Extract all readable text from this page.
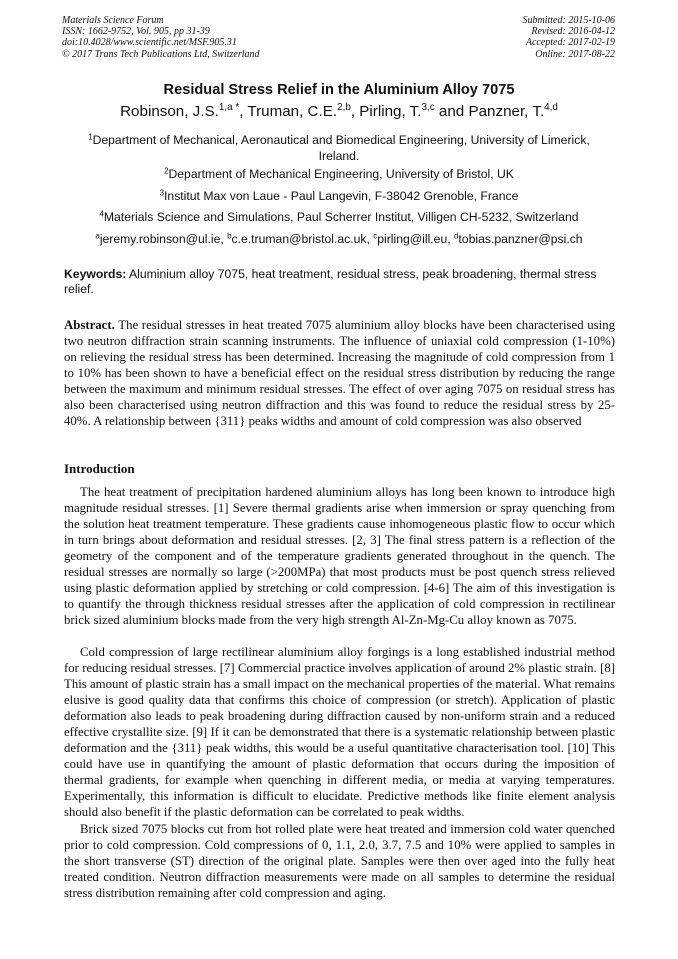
Materials Science Forum
ISSN: 1662-9752, Vol. 905, pp 31-39
doi:10.4028/www.scientific.net/MSF.905.31
© 2017 Trans Tech Publications Ltd, Switzerland
Submitted: 2015-10-06
Revised: 2016-04-12
Accepted: 2017-02-19
Online: 2017-08-22
Residual Stress Relief in the Aluminium Alloy 7075
Robinson, J.S.$^{1,a *}$, Truman, C.E.$^{2,b}$, Pirling, T.$^{3,c}$ and Panzner, T.$^{4,d}$
$^1$Department of Mechanical, Aeronautical and Biomedical Engineering, University of Limerick, Ireland.
$^2$Department of Mechanical Engineering, University of Bristol, UK
$^3$Institut Max von Laue - Paul Langevin, F-38042 Grenoble, France
$^4$Materials Science and Simulations, Paul Scherrer Institut, Villigen CH-5232, Switzerland
$^a$jeremy.robinson@ul.ie, $^b$c.e.truman@bristol.ac.uk, $^c$pirling@ill.eu, $^d$tobias.panzner@psi.ch
Keywords: Aluminium alloy 7075, heat treatment, residual stress, peak broadening, thermal stress relief.

Abstract. The residual stresses in heat treated 7075 aluminium alloy blocks have been characterised using two neutron diffraction strain scanning instruments. The influence of uniaxial cold compression (1-10%) on relieving the residual stress has been determined. Increasing the magnitude of cold compression from 1 to 10% has been shown to have a beneficial effect on the residual stress distribution by reducing the range between the maximum and minimum residual stresses. The effect of over aging 7075 on residual stress has also been characterised using neutron diffraction and this was found to reduce the residual stress by 25-40%. A relationship between {311} peaks widths and amount of cold compression was also observed

Introduction

The heat treatment of precipitation hardened aluminium alloys has long been known to introduce high magnitude residual stresses. [1] Severe thermal gradients arise when immersion or spray quenching from the solution heat treatment temperature. These gradients cause inhomogeneous plastic flow to occur which in turn brings about deformation and residual stresses. [2, 3] The final stress pattern is a reflection of the geometry of the component and of the temperature gradients generated throughout in the quench. The residual stresses are normally so large (>200MPa) that most products must be post quench stress relieved using plastic deformation applied by stretching or cold compression. [4-6] The aim of this investigation is to quantify the through thickness residual stresses after the application of cold compression in rectilinear brick sized aluminium blocks made from the very high strength Al-Zn-Mg-Cu alloy known as 7075.

Cold compression of large rectilinear aluminium alloy forgings is a long established industrial method for reducing residual stresses. [7] Commercial practice involves application of around 2% plastic strain. [8] This amount of plastic strain has a small impact on the mechanical properties of the material. What remains elusive is good quality data that confirms this choice of compression (or stretch). Application of plastic deformation also leads to peak broadening during diffraction caused by non-uniform strain and a reduced effective crystallite size. [9] If it can be demonstrated that there is a systematic relationship between plastic deformation and the {311} peak widths, this would be a useful quantitative characterisation tool. [10] This could have use in quantifying the amount of plastic deformation that occurs during the imposition of thermal gradients, for example when quenching in different media, or media at varying temperatures. Experimentally, this information is difficult to elucidate. Predictive methods like finite element analysis should also benefit if the plastic deformation can be correlated to peak widths.

Brick sized 7075 blocks cut from hot rolled plate were heat treated and immersion cold water quenched prior to cold compression. Cold compressions of 0, 1.1, 2.0, 3.7, 7.5 and 10% were applied to samples in the short transverse (ST) direction of the original plate. Samples were then over aged into the fully heat treated condition. Neutron diffraction measurements were made on all samples to determine the residual stress distribution remaining after cold compression and aging.
